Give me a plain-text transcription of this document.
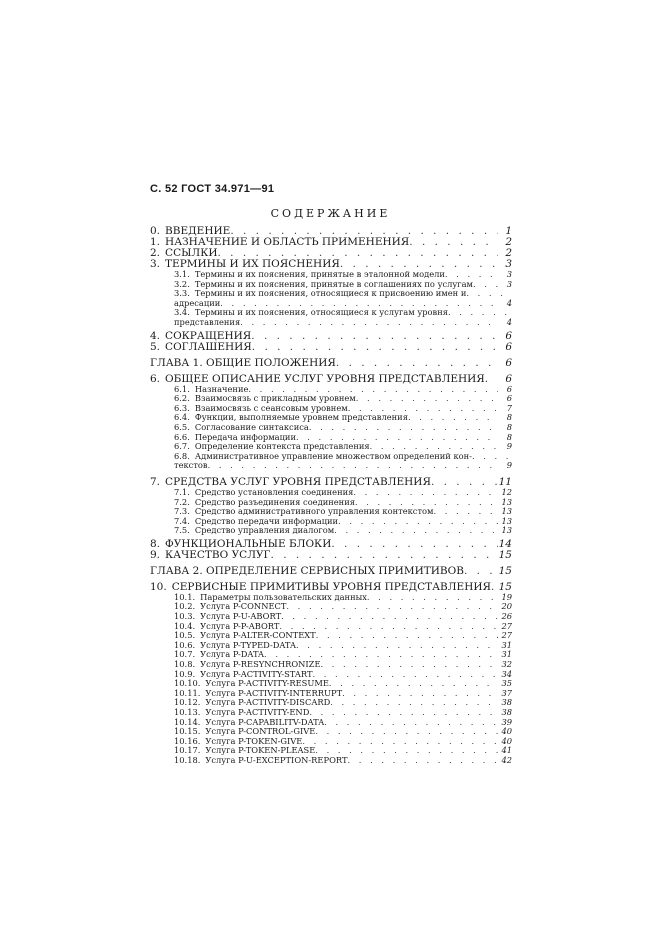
С. 52 ГОСТ 34.971—91
СОДЕРЖАНИЕ
0. ВВЕДЕНИЕ . . .	1
1. НАЗНАЧЕНИЕ И ОБЛАСТЬ ПРИМЕНЕНИЯ . . .	2
2. ССЫЛКИ . . .	2
3. ТЕРМИНЫ И ИХ ПОЯСНЕНИЯ . . .	3
3.1. Термины и их пояснения, принятые в эталонной модели . . .	3
3.2. Термины и их пояснения, принятые в соглашениях по услугам . . .	3
3.3. Термины и их пояснения, относящиеся к присвоению имен и
. . .
адресации . . .	4
3.4. Термины и их пояснения, относящиеся к услугам уровня
. . .
представления . . .	4
4. СОКРАЩЕНИЯ . . .	6
5. СОГЛАШЕНИЯ . . .	6
ГЛАВА 1. ОБЩИЕ ПОЛОЖЕНИЯ . . .	6
6. ОБЩЕЕ ОПИСАНИЕ УСЛУГ УРОВНЯ ПРЕДСТАВЛЕНИЯ . . .	6
6.1. Назначение . . .	6
6.2. Взаимосвязь с прикладным уровнем . . .	6
6.3. Взаимосвязь с сеансовым уровнем . . .	7
6.4. Функции, выполняемые уровнем представления . . .	8
6.5. Согласование синтаксиса . . .	8
6.6. Передача информации . . .	8
6.7. Определение контекста представления . . .	9
6.8. Административное управление множеством определений кон-
. . .
текстов . . .	9
7. СРЕДСТВА УСЛУГ УРОВНЯ ПРЕДСТАВЛЕНИЯ . . .	11
7.1. Средство установления соединения . . .	12
7.2. Средство разъединения соединения . . .	13
7.3. Средство административного управления контекстом . . .	13
7.4. Средство передачи информации . . .	13
7.5. Средство управления диалогом . . .	13
8. ФУНКЦИОНАЛЬНЫЕ БЛОКИ . . .	14
9. КАЧЕСТВО УСЛУГ . . .	15
ГЛАВА 2. ОПРЕДЕЛЕНИЕ СЕРВИСНЫХ ПРИМИТИВОВ . . .	15
10. СЕРВИСНЫЕ ПРИМИТИВЫ УРОВНЯ ПРЕДСТАВЛЕНИЯ . . . 15
10.1. Параметры пользовательских данных . . .	19
10.2. Услуга P-CONNECT . . .	20
10.3. Услуга P-U-ABORT . . .	26
10.4. Услуга P-P-ABORT . . .	27
10.5. Услуга P-ALTER-CONTEXT . . .	27
10.6. Услуга P-TYPED-DATA . . .	31
10.7. Услуга P-DATA . . .	31
10.8. Услуга P-RESYNCHRONIZE . . .	32
10.9. Услуга P-ACTIVITY-START . . .	34
10.10. Услуга P-ACTIVITY-RESUME . . .	35
10.11. Услуга P-ACTIVITY-INTERRUPT . . .	37
10.12. Услуга P-ACTIVITY-DISCARD . . .	38
10.13. Услуга P-ACTIVITY-END . . .	38
10.14. Услуга P-CAPABILITV-DATA . . .	39
10.15. Услуга P-CONTROL-GIVE . . .	40
10.16. Услуга P-TOKEN-GIVE . . .	40
10.17. Услуга P-TOKEN-PLEASE . . .	41
10.18. Услуга P-U-EXCEPTION-REPORT . . .	42
